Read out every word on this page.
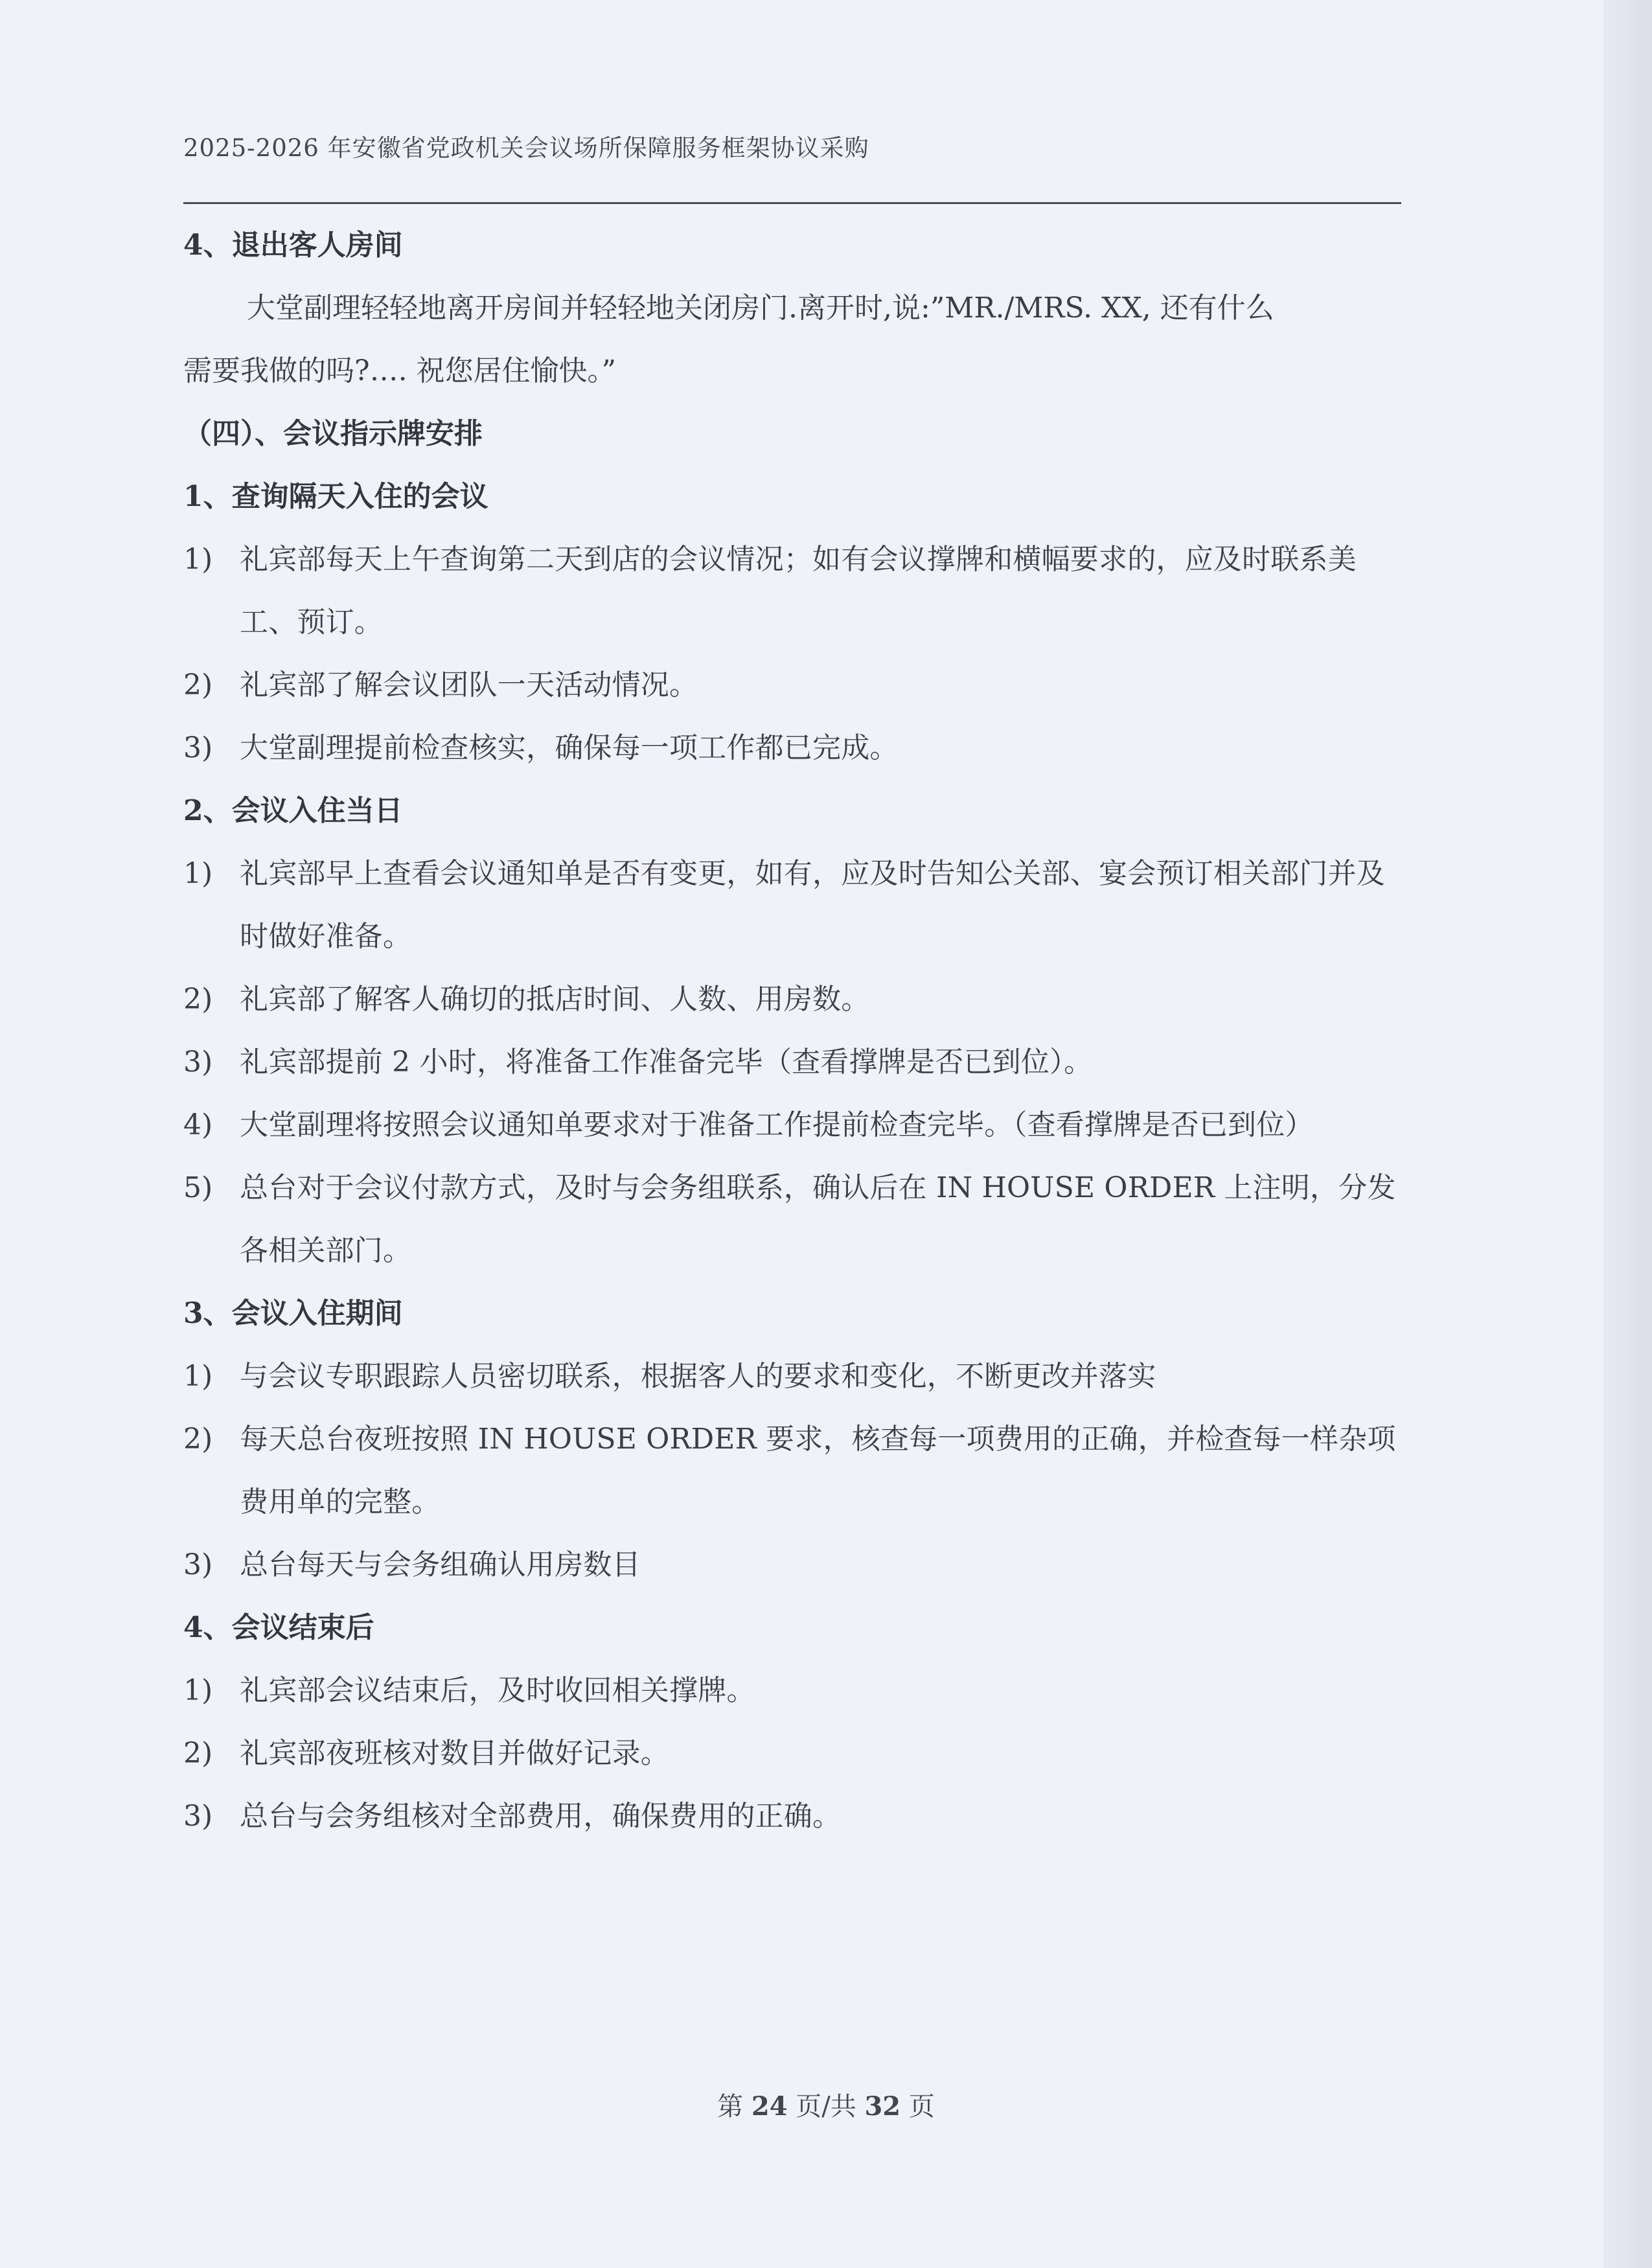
2025-2026 年安徽省党政机关会议场所保障服务框架协议采购
4、退出客人房间
大堂副理轻轻地离开房间并轻轻地关闭房门.离开时,说:”MR./MRS. XX, 还有什么
需要我做的吗?…. 祝您居住愉快。”
（四）、会议指示牌安排
1、查询隔天入住的会议
1) 礼宾部每天上午查询第二天到店的会议情况；如有会议撑牌和横幅要求的，应及时联系美工、预订。
2) 礼宾部了解会议团队一天活动情况。
3) 大堂副理提前检查核实，确保每一项工作都已完成。
2、会议入住当日
1) 礼宾部早上查看会议通知单是否有变更，如有，应及时告知公关部、宴会预订相关部门并及时做好准备。
2) 礼宾部了解客人确切的抵店时间、人数、用房数。
3) 礼宾部提前 2 小时，将准备工作准备完毕（查看撑牌是否已到位）。
4) 大堂副理将按照会议通知单要求对于准备工作提前检查完毕。（查看撑牌是否已到位）
5) 总台对于会议付款方式，及时与会务组联系，确认后在 IN HOUSE ORDER 上注明，分发各相关部门。
3、会议入住期间
1) 与会议专职跟踪人员密切联系，根据客人的要求和变化，不断更改并落实
2) 每天总台夜班按照 IN HOUSE ORDER 要求，核查每一项费用的正确，并检查每一样杂项费用单的完整。
3) 总台每天与会务组确认用房数目
4、会议结束后
1) 礼宾部会议结束后，及时收回相关撑牌。
2) 礼宾部夜班核对数目并做好记录。
3) 总台与会务组核对全部费用，确保费用的正确。
第 24 页/共 32 页
